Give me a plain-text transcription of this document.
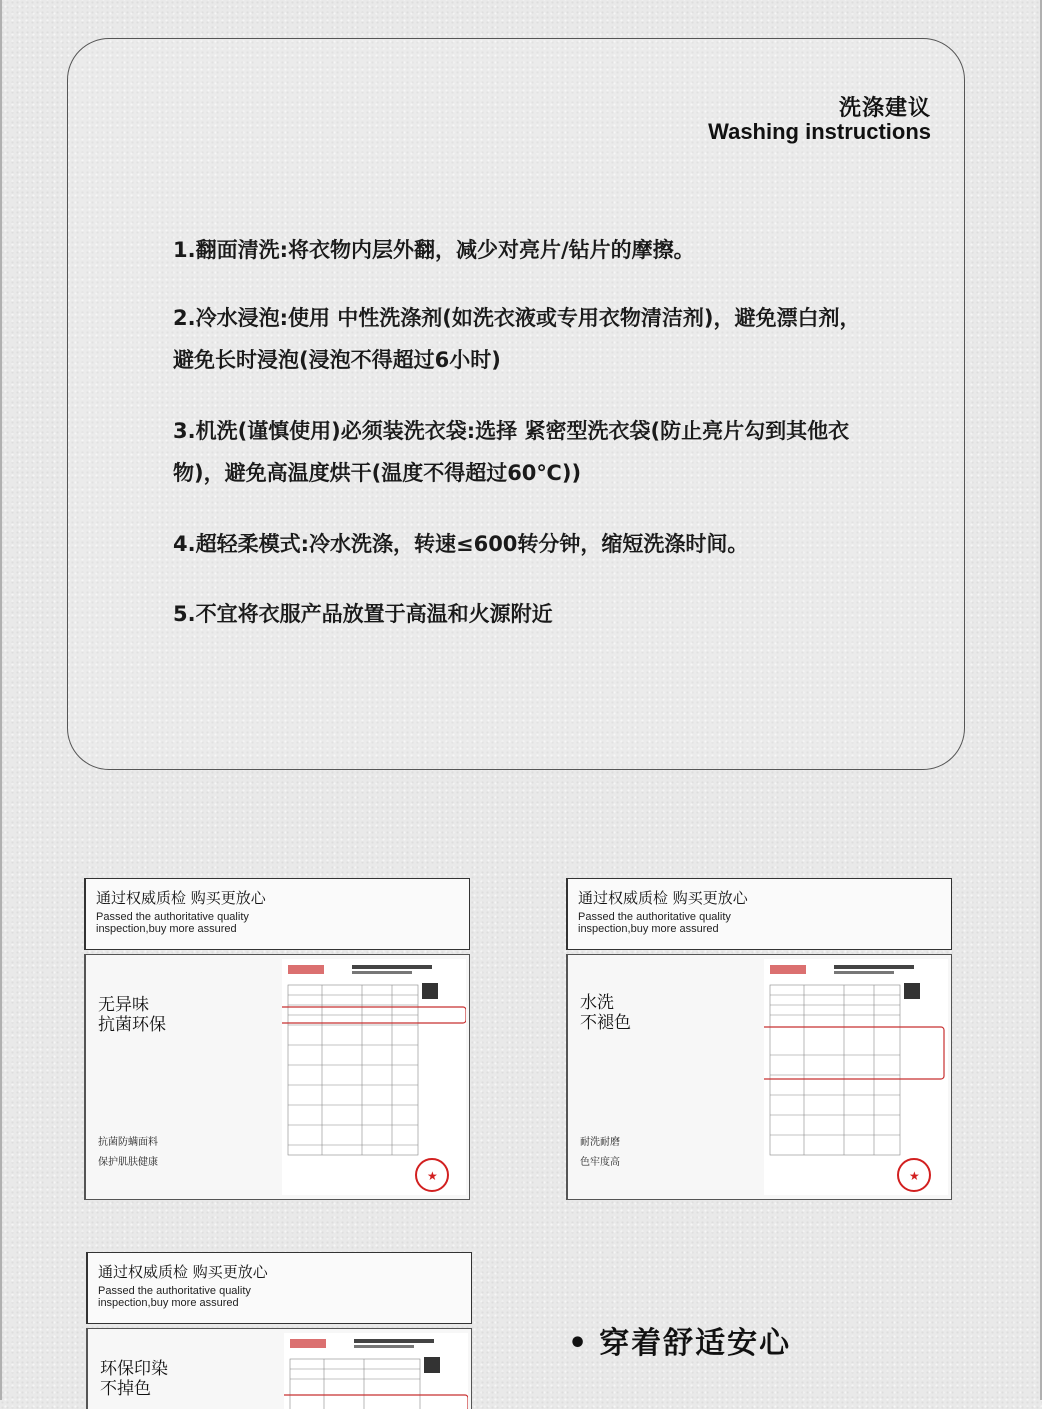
洗涤建议
Washing instructions
1.翻面清洗:将衣物内层外翻，减少对亮片/钻片的摩擦。
2.冷水浸泡:使用 中性洗涤剂(如洗衣液或专用衣物清洁剂)，避免漂白剂，避免长时浸泡(浸泡不得超过6小时)
3.机洗(谨慎使用)必须装洗衣袋:选择 紧密型洗衣袋(防止亮片勾到其他衣物)，避免高温度烘干(温度不得超过60℃))
4.超轻柔模式:冷水洗涤，转速≤600转分钟，缩短洗涤时间。
5.不宜将衣服产品放置于高温和火源附近
通过权威质检 购买更放心
Passed the authoritative quality inspection,buy more assured
无异味
抗菌环保
抗菌防螨面料
保护肌肤健康
★
通过权威质检 购买更放心
Passed the authoritative quality inspection,buy more assured
水洗
不褪色
耐洗耐磨
色牢度高
★
通过权威质检 购买更放心
Passed the authoritative quality inspection,buy more assured
环保印染
不掉色
• 穿着舒适安心
